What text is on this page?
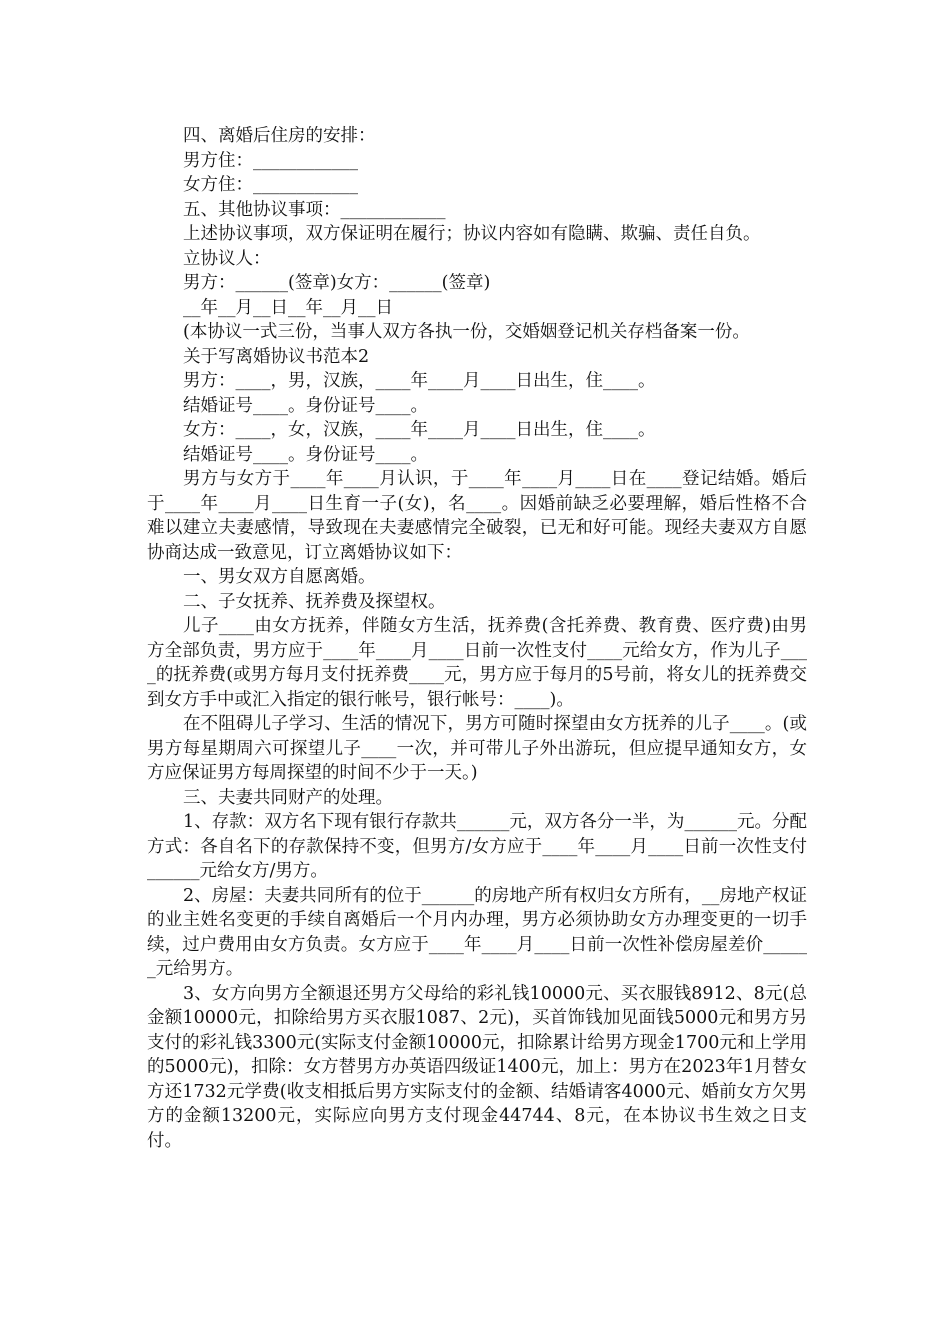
四、离婚后住房的安排：

男方住：____________

女方住：____________

五、其他协议事项：____________

上述协议事项，双方保证明在履行；协议内容如有隐瞒、欺骗、责任自负。

立协议人：

男方：______(签章)女方：______(签章)

__年__月__日__年__月__日

(本协议一式三份，当事人双方各执一份，交婚姻登记机关存档备案一份。

关于写离婚协议书范本2

男方：____，男，汉族，____年____月____日出生，住____。

结婚证号____。身份证号____。

女方：____，女，汉族，____年____月____日出生，住____。

结婚证号____。身份证号____。

男方与女方于____年____月认识，于____年____月____日在____登记结婚。婚后于____年____月____日生育一子(女)，名____。因婚前缺乏必要理解，婚后性格不合难以建立夫妻感情，导致现在夫妻感情完全破裂，已无和好可能。现经夫妻双方自愿协商达成一致意见，订立离婚协议如下：

一、男女双方自愿离婚。

二、子女抚养、抚养费及探望权。

儿子____由女方抚养，伴随女方生活，抚养费(含托养费、教育费、医疗费)由男方全部负责，男方应于____年____月____日前一次性支付____元给女方，作为儿子____的抚养费(或男方每月支付抚养费____元，男方应于每月的5号前，将女儿的抚养费交到女方手中或汇入指定的银行帐号，银行帐号：____)。

在不阻碍儿子学习、生活的情况下，男方可随时探望由女方抚养的儿子____。(或男方每星期周六可探望儿子____一次，并可带儿子外出游玩，但应提早通知女方，女方应保证男方每周探望的时间不少于一天。)

三、夫妻共同财产的处理。

1、存款：双方名下现有银行存款共______元，双方各分一半，为______元。分配方式：各自名下的存款保持不变，但男方/女方应于____年____月____日前一次性支付______元给女方/男方。

2、房屋：夫妻共同所有的位于______的房地产所有权归女方所有，__房地产权证的业主姓名变更的手续自离婚后一个月内办理，男方必须协助女方办理变更的一切手续，过户费用由女方负责。女方应于____年____月____日前一次性补偿房屋差价______元给男方。

3、女方向男方全额退还男方父母给的彩礼钱10000元、买衣服钱8912、8元(总金额10000元，扣除给男方买衣服1087、2元)，买首饰钱加见面钱5000元和男方另支付的彩礼钱3300元(实际支付金额10000元，扣除累计给男方现金1700元和上学用的5000元)，扣除：女方替男方办英语四级证1400元，加上：男方在2023年1月替女方还1732元学费(收支相抵后男方实际支付的金额、结婚请客4000元、婚前女方欠男方的金额13200元，实际应向男方支付现金44744、8元，在本协议书生效之日支付。
